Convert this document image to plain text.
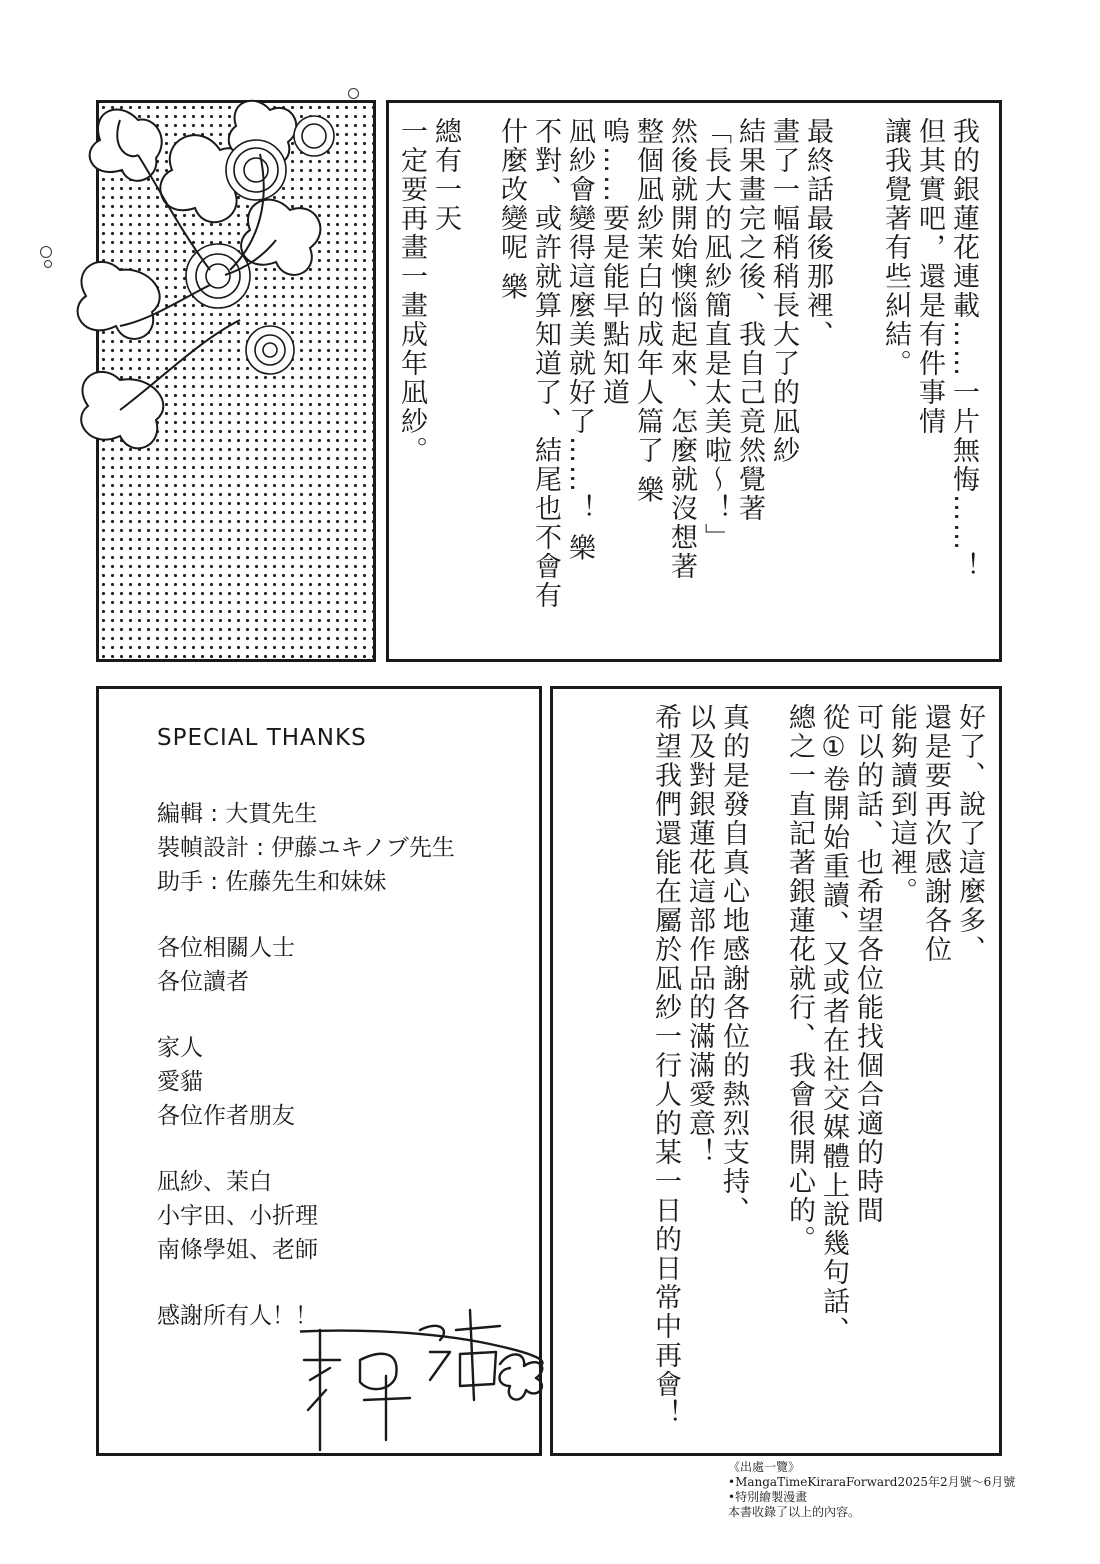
我的銀蓮花連載……一片無悔……！
但其實吧，還是有件事情
讓我覺著有些糾結。
最終話最後那裡、
畫了一幅稍稍長大了的凪紗
結果畫完之後、我自己竟然覺著
「長大的凪紗簡直是太美啦〜！」
然後就開始懊惱起來、怎麼就沒想著
整個凪紗茉白的成年人篇了 樂
嗚……要是能早點知道
凪紗會變得這麼美就好了……！ 樂
不對、或許就算知道了、結尾也不會有
什麼改變呢 樂
總有一天
一定要再畫一畫成年凪紗。
SPECIAL THANKS
編輯 : 大貫先生
裝幀設計 : 伊藤ユキノブ先生
助手 : 佐藤先生和妹妹
各位相關人士
各位讀者
家人
愛貓
各位作者朋友
凪紗、茉白
小宇田、小折理
南條學姐、老師
感謝所有人！！
好了、說了這麼多、
還是要再次感謝各位
能夠讀到這裡。
可以的話、也希望各位能找個合適的時間
從①卷開始重讀、又或者在社交媒體上說幾句話、
總之一直記著銀蓮花就行、我會很開心的。
真的是發自真心地感謝各位的熱烈支持、
以及對銀蓮花這部作品的滿滿愛意！
希望我們還能在屬於凪紗一行人的某一日的日常中再會！
《出處一覽》
•MangaTimeKiraraForward2025年2月號〜6月號
•特別繪製漫畫
本書收錄了以上的內容。
